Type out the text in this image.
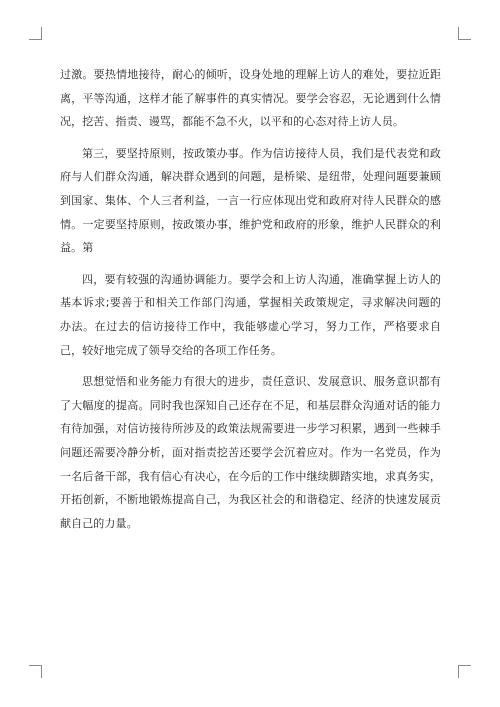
过激。要热情地接待，耐心的倾听，设身处地的理解上访人的难处，要拉近距离，平等沟通，这样才能了解事件的真实情况。要学会容忍，无论遇到什么情况，挖苦、指责、谩骂，都能不急不火，以平和的心态对待上访人员。

第三，要坚持原则，按政策办事。作为信访接待人员，我们是代表党和政府与人们群众沟通，解决群众遇到的问题，是桥梁、是纽带，处理问题要兼顾到国家、集体、个人三者利益，一言一行应体现出党和政府对待人民群众的感情。一定要坚持原则，按政策办事，维护党和政府的形象，维护人民群众的利益。第

四，要有较强的沟通协调能力。要学会和上访人沟通，准确掌握上访人的基本诉求;要善于和相关工作部门沟通，掌握相关政策规定，寻求解决问题的办法。在过去的信访接待工作中，我能够虚心学习，努力工作，严格要求自己，较好地完成了领导交给的各项工作任务。

思想觉悟和业务能力有很大的进步，责任意识、发展意识、服务意识都有了大幅度的提高。同时我也深知自己还存在不足，和基层群众沟通对话的能力有待加强，对信访接待所涉及的政策法规需要进一步学习积累，遇到一些棘手问题还需要冷静分析，面对指责挖苦还要学会沉着应对。作为一名党员，作为一名后备干部，我有信心有决心，在今后的工作中继续脚踏实地，求真务实，开拓创新，不断地锻炼提高自己，为我区社会的和谐稳定、经济的快速发展贡献自己的力量。
